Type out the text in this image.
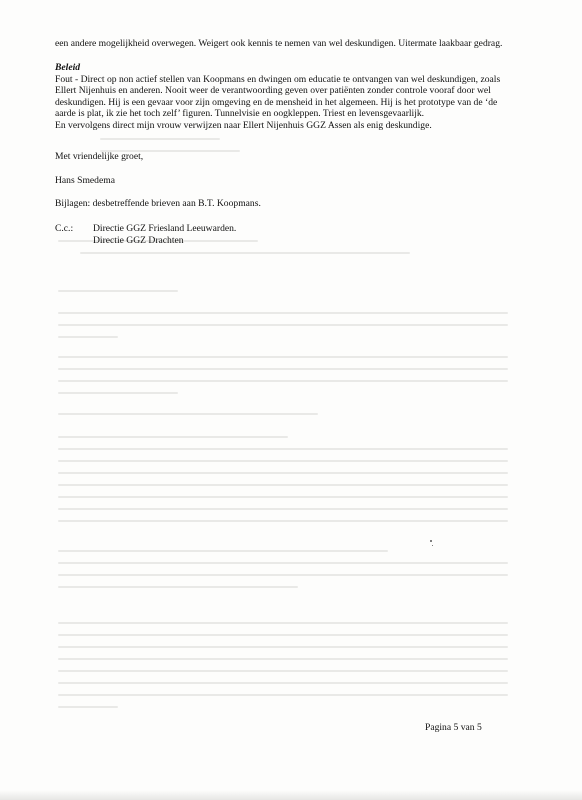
een andere mogelijkheid overwegen. Weigert ook kennis te nemen van wel deskundigen. Uitermate laakbaar gedrag.

Beleid

Fout - Direct op non actief stellen van Koopmans en dwingen om educatie te ontvangen van wel deskundigen, zoals

Ellert Nijenhuis en anderen. Nooit weer de verantwoording geven over patiënten zonder controle vooraf door wel

deskundigen. Hij is een gevaar voor zijn omgeving en de mensheid in het algemeen. Hij is het prototype van de ‘de

aarde is plat, ik zie het toch zelf’ figuren. Tunnelvisie en oogkleppen. Triest en levensgevaarlijk.

En vervolgens direct mijn vrouw verwijzen naar Ellert Nijenhuis GGZ Assen als enig deskundige.

Met vriendelijke groet,

Hans Smedema

Bijlagen: desbetreffende brieven aan B.T. Koopmans.

C.c.:	Directie GGZ Friesland Leeuwarden.
Directie GGZ Drachten
Pagina 5 van 5
